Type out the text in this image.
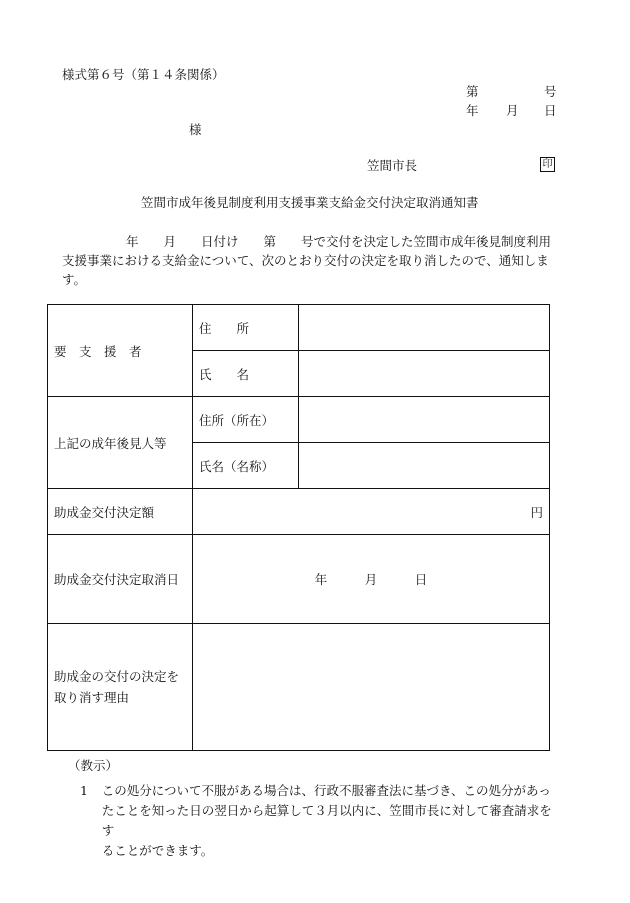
様式第６号（第１４条関係）
第	号
年 月 日
様
笠間市長	印
笠間市成年後見制度利用支援事業支給金交付決定取消通知書
年　　月　　日付け　　第　　号で交付を決定した笠間市成年後見制度利用
支援事業における支給金について、次のとおり交付の決定を取り消したので、通知しま
す。
要　支　援　者	住　　所	
	氏　　名	
上記の成年後見人等	住所（所在）	
	氏名（名称）	
助成金交付決定額	円	
助成金交付決定取消日	年　　　月　　　日	

助成金の交付の決定を
取り消す理由		

（教示）
1	この処分について不服がある場合は、行政不服審査法に基づき、この処分があっ
たことを知った日の翌日から起算して３月以内に、笠間市長に対して審査請求をす
ることができます。
